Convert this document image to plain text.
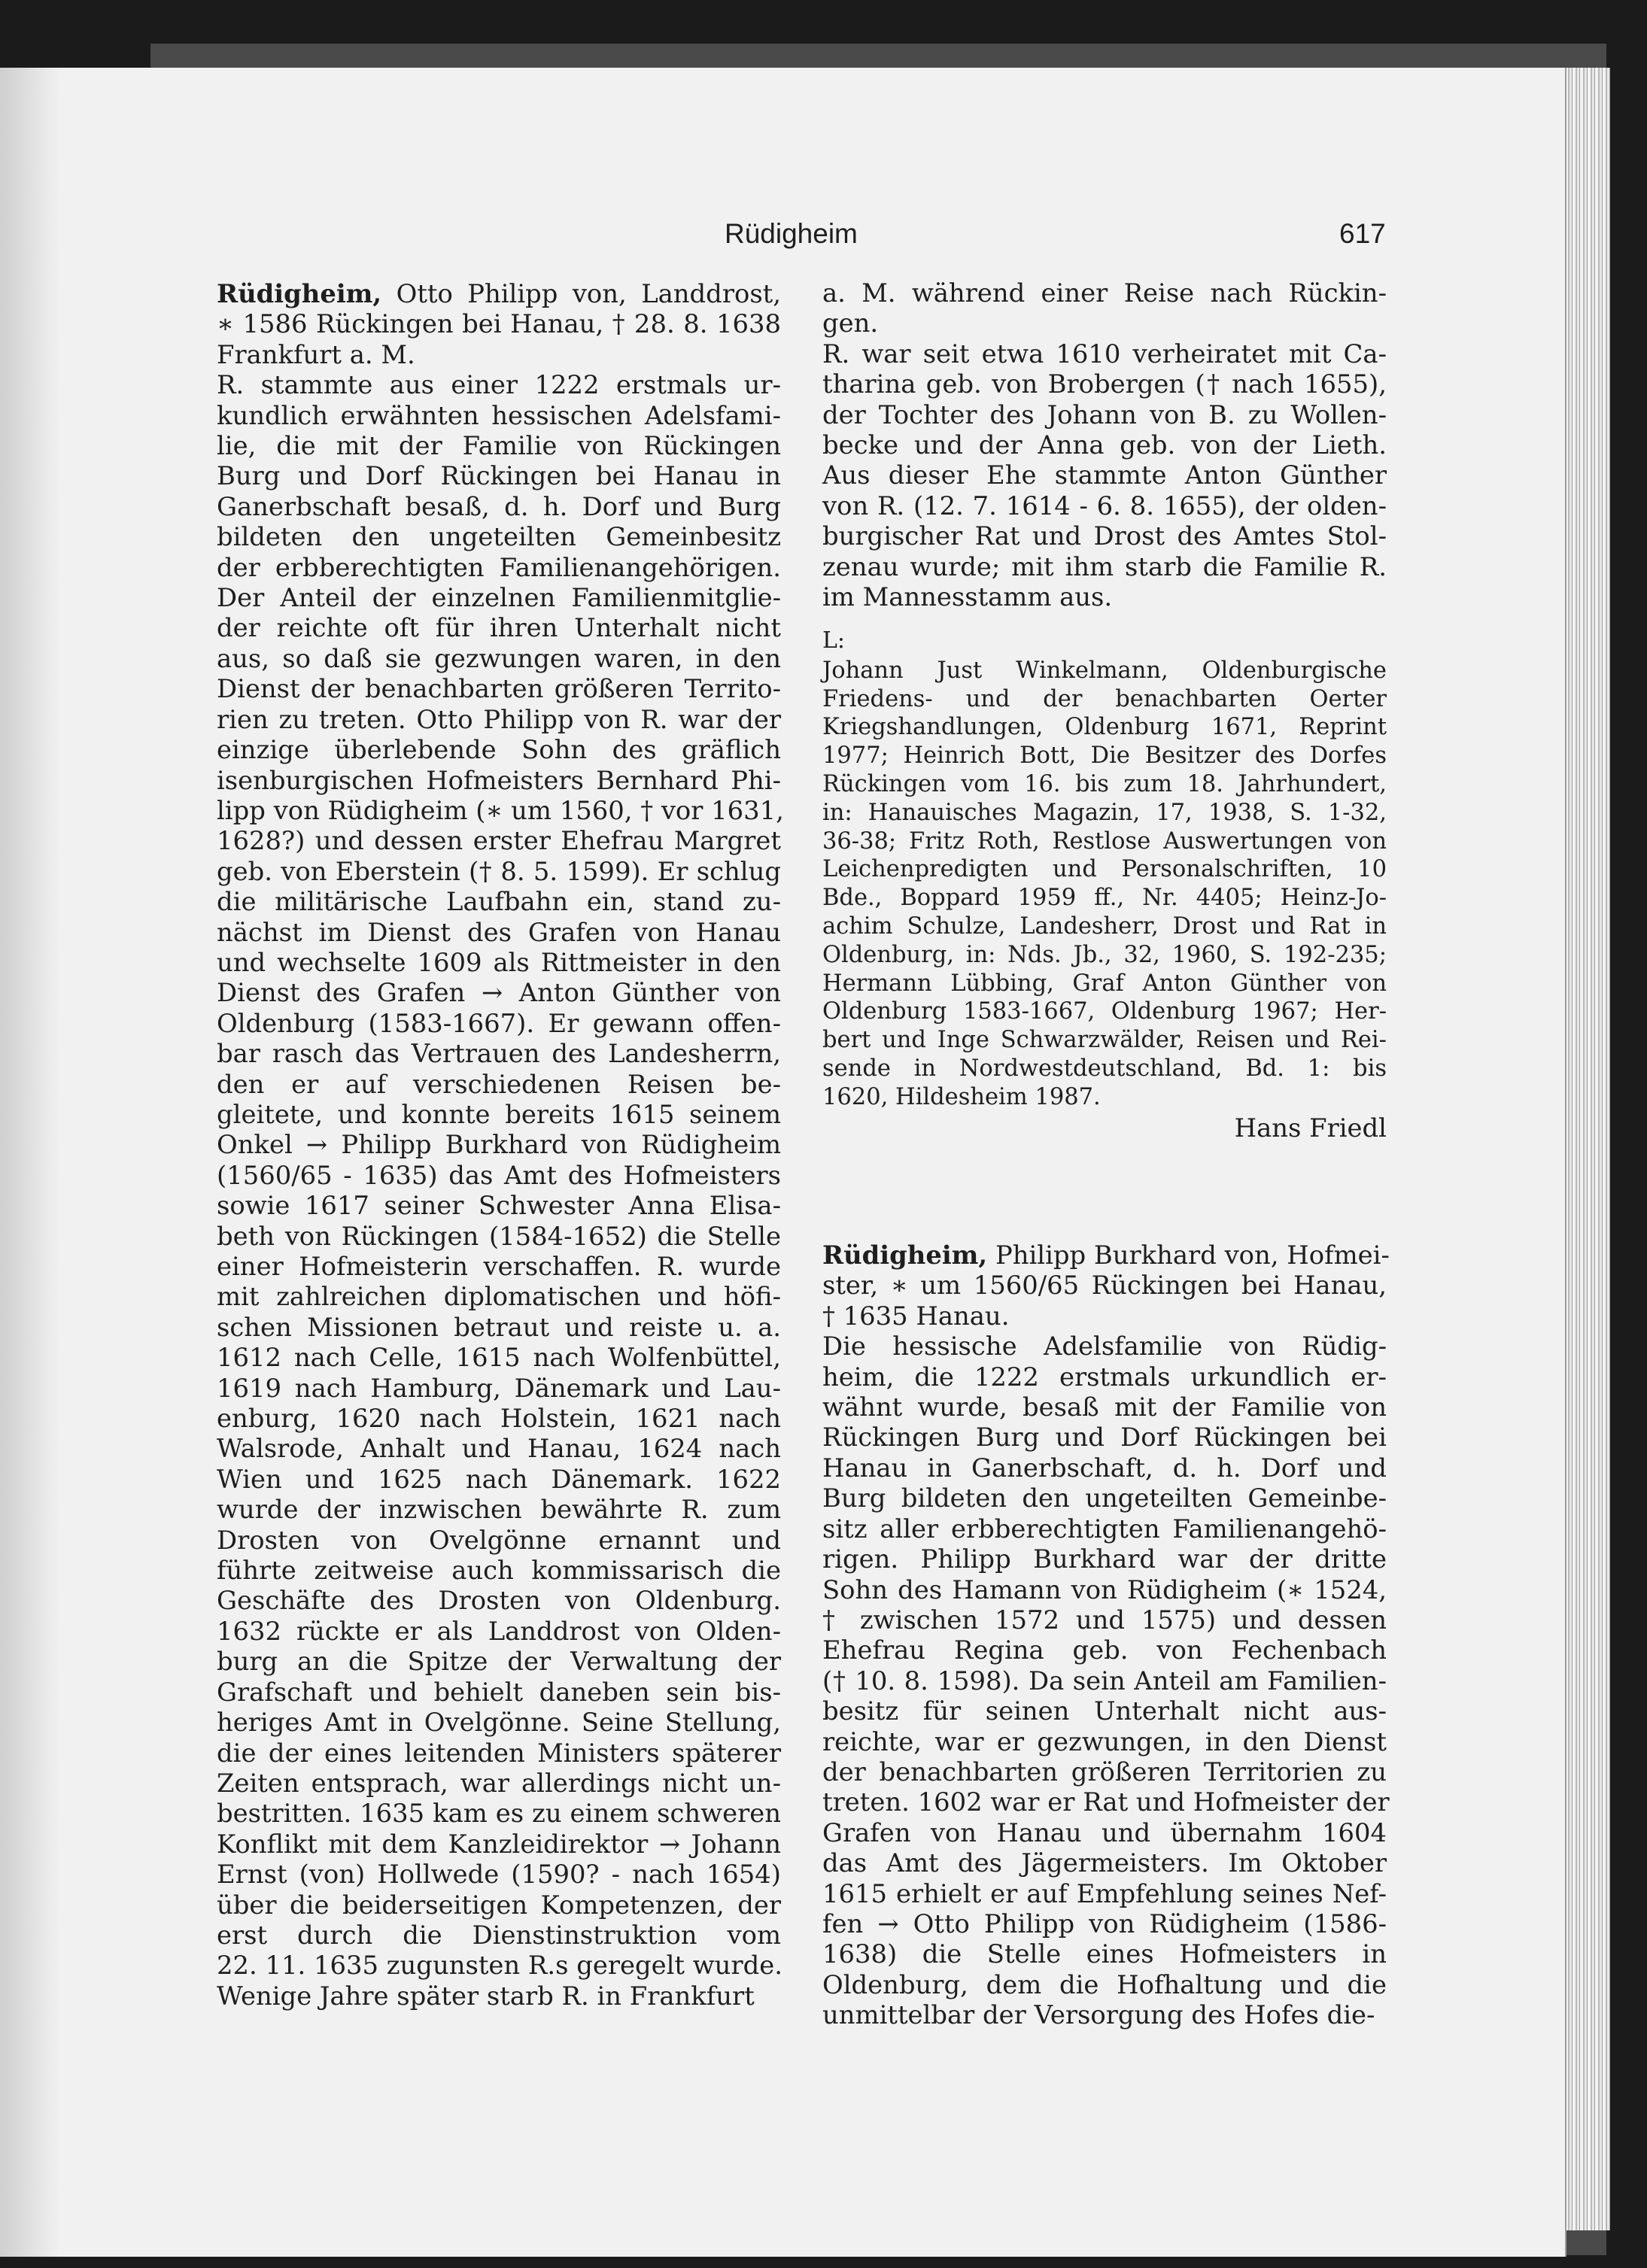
Rüdigheim	617

Rüdigheim, Otto Philipp von, Landdrost,
∗ 1586 Rückingen bei Hanau, † 28. 8. 1638
Frankfurt a. M.
R. stammte aus einer 1222 erstmals ur-
kundlich erwähnten hessischen Adelsfami-
lie, die mit der Familie von Rückingen
Burg und Dorf Rückingen bei Hanau in
Ganerbschaft besaß, d. h. Dorf und Burg
bildeten den ungeteilten Gemeinbesitz
der erbberechtigten Familienangehörigen.
Der Anteil der einzelnen Familienmitglie-
der reichte oft für ihren Unterhalt nicht
aus, so daß sie gezwungen waren, in den
Dienst der benachbarten größeren Territo-
rien zu treten. Otto Philipp von R. war der
einzige überlebende Sohn des gräflich
isenburgischen Hofmeisters Bernhard Phi-
lipp von Rüdigheim (∗ um 1560, † vor 1631,
1628?) und dessen erster Ehefrau Margret
geb. von Eberstein († 8. 5. 1599). Er schlug
die militärische Laufbahn ein, stand zu-
nächst im Dienst des Grafen von Hanau
und wechselte 1609 als Rittmeister in den
Dienst des Grafen → Anton Günther von
Oldenburg (1583-1667). Er gewann offen-
bar rasch das Vertrauen des Landesherrn,
den er auf verschiedenen Reisen be-
gleitete, und konnte bereits 1615 seinem
Onkel → Philipp Burkhard von Rüdigheim
(1560/65 - 1635) das Amt des Hofmeisters
sowie 1617 seiner Schwester Anna Elisa-
beth von Rückingen (1584-1652) die Stelle
einer Hofmeisterin verschaffen. R. wurde
mit zahlreichen diplomatischen und höfi-
schen Missionen betraut und reiste u. a.
1612 nach Celle, 1615 nach Wolfenbüttel,
1619 nach Hamburg, Dänemark und Lau-
enburg, 1620 nach Holstein, 1621 nach
Walsrode, Anhalt und Hanau, 1624 nach
Wien und 1625 nach Dänemark. 1622
wurde der inzwischen bewährte R. zum
Drosten von Ovelgönne ernannt und
führte zeitweise auch kommissarisch die
Geschäfte des Drosten von Oldenburg.
1632 rückte er als Landdrost von Olden-
burg an die Spitze der Verwaltung der
Grafschaft und behielt daneben sein bis-
heriges Amt in Ovelgönne. Seine Stellung,
die der eines leitenden Ministers späterer
Zeiten entsprach, war allerdings nicht un-
bestritten. 1635 kam es zu einem schweren
Konflikt mit dem Kanzleidirektor → Johann
Ernst (von) Hollwede (1590? - nach 1654)
über die beiderseitigen Kompetenzen, der
erst durch die Dienstinstruktion vom
22. 11. 1635 zugunsten R.s geregelt wurde.
Wenige Jahre später starb R. in Frankfurt

a. M. während einer Reise nach Rückin-
gen.
R. war seit etwa 1610 verheiratet mit Ca-
tharina geb. von Brobergen († nach 1655),
der Tochter des Johann von B. zu Wollen-
becke und der Anna geb. von der Lieth.
Aus dieser Ehe stammte Anton Günther
von R. (12. 7. 1614 - 6. 8. 1655), der olden-
burgischer Rat und Drost des Amtes Stol-
zenau wurde; mit ihm starb die Familie R.
im Mannesstamm aus.

L:

Johann Just Winkelmann, Oldenburgische
Friedens- und der benachbarten Oerter
Kriegshandlungen, Oldenburg 1671, Reprint
1977; Heinrich Bott, Die Besitzer des Dorfes
Rückingen vom 16. bis zum 18. Jahrhundert,
in: Hanauisches Magazin, 17, 1938, S. 1-32,
36-38; Fritz Roth, Restlose Auswertungen von
Leichenpredigten und Personalschriften, 10
Bde., Boppard 1959 ff., Nr. 4405; Heinz-Jo-
achim Schulze, Landesherr, Drost und Rat in
Oldenburg, in: Nds. Jb., 32, 1960, S. 192-235;
Hermann Lübbing, Graf Anton Günther von
Oldenburg 1583-1667, Oldenburg 1967; Her-
bert und Inge Schwarzwälder, Reisen und Rei-
sende in Nordwestdeutschland, Bd. 1: bis
1620, Hildesheim 1987.

Hans Friedl

Rüdigheim, Philipp Burkhard von, Hofmei-
ster, ∗ um 1560/65 Rückingen bei Hanau,
† 1635 Hanau.
Die hessische Adelsfamilie von Rüdig-
heim, die 1222 erstmals urkundlich er-
wähnt wurde, besaß mit der Familie von
Rückingen Burg und Dorf Rückingen bei
Hanau in Ganerbschaft, d. h. Dorf und
Burg bildeten den ungeteilten Gemeinbe-
sitz aller erbberechtigten Familienangehö-
rigen. Philipp Burkhard war der dritte
Sohn des Hamann von Rüdigheim (∗ 1524,
† zwischen 1572 und 1575) und dessen
Ehefrau Regina geb. von Fechenbach
(† 10. 8. 1598). Da sein Anteil am Familien-
besitz für seinen Unterhalt nicht aus-
reichte, war er gezwungen, in den Dienst
der benachbarten größeren Territorien zu
treten. 1602 war er Rat und Hofmeister der
Grafen von Hanau und übernahm 1604
das Amt des Jägermeisters. Im Oktober
1615 erhielt er auf Empfehlung seines Nef-
fen → Otto Philipp von Rüdigheim (1586-
1638) die Stelle eines Hofmeisters in
Oldenburg, dem die Hofhaltung und die
unmittelbar der Versorgung des Hofes die-
